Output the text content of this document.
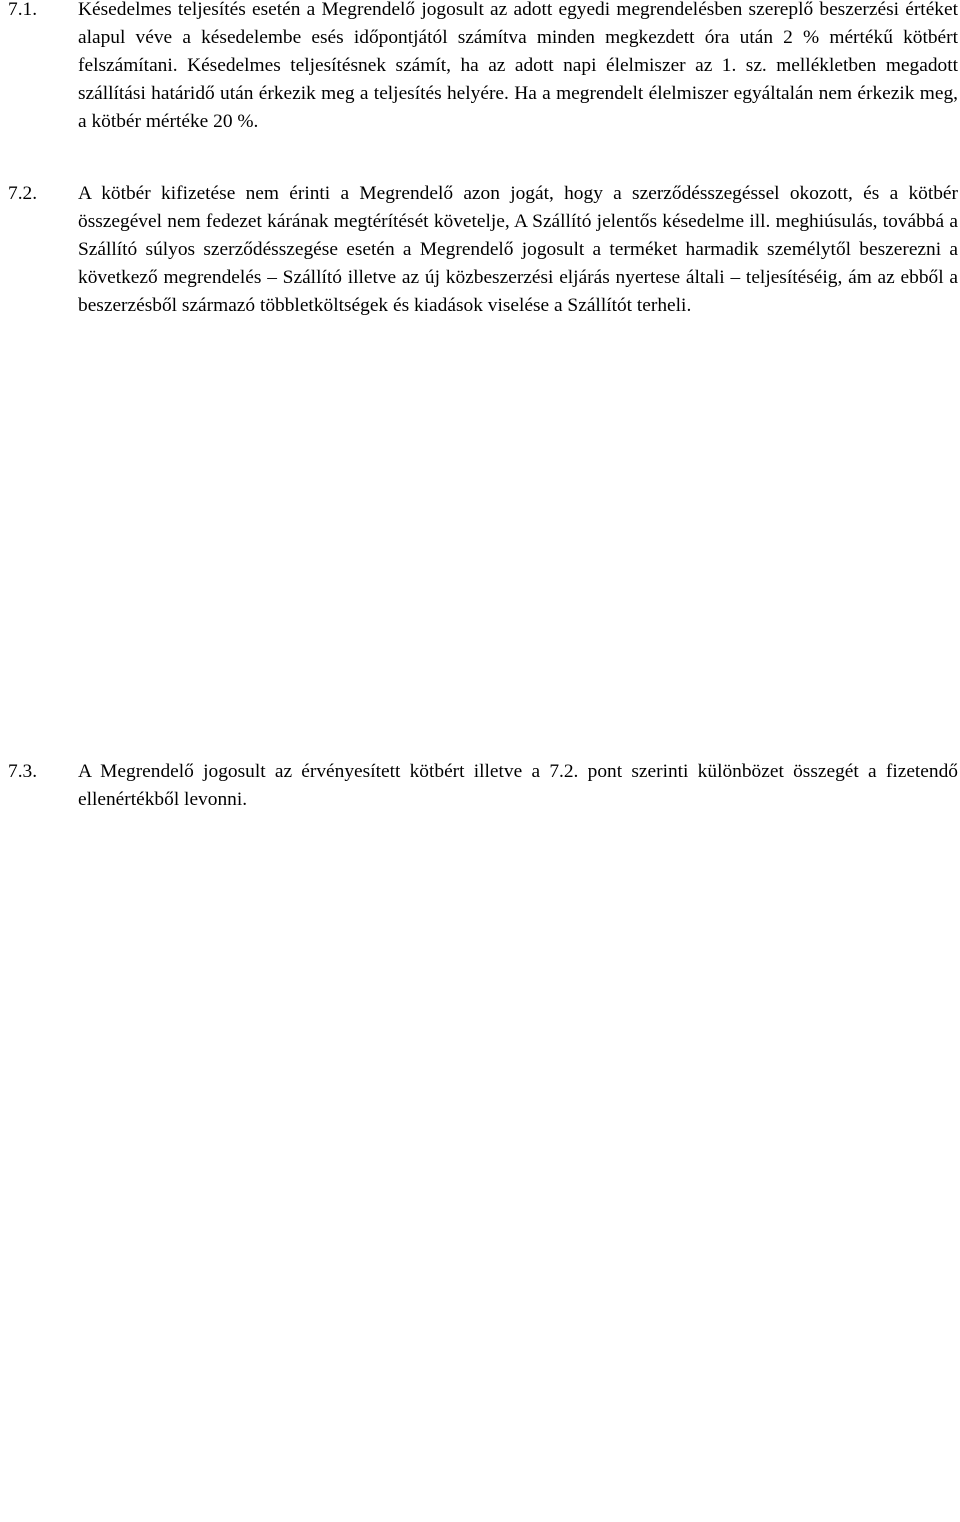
7.1.	Késedelmes teljesítés esetén a Megrendelő jogosult az adott egyedi megrendelésben szereplő beszerzési értéket alapul véve a késedelembe esés időpontjától számítva minden megkezdett óra után 2 % mértékű kötbért felszámítani. Késedelmes teljesítésnek számít, ha az adott napi élelmiszer az 1. sz. mellékletben megadott szállítási határidő után érkezik meg a teljesítés helyére. Ha a megrendelt élelmiszer egyáltalán nem érkezik meg, a kötbér mértéke 20 %.
7.2.	A kötbér kifizetése nem érinti a Megrendelő azon jogát, hogy a szerződésszegéssel okozott, és a kötbér összegével nem fedezet kárának megtérítését követelje, A Szállító jelentős késedelme ill. meghiúsulás, továbbá a Szállító súlyos szerződésszegése esetén a Megrendelő jogosult a terméket harmadik személytől beszerezni a következő megrendelés – Szállító illetve az új közbeszerzési eljárás nyertese általi – teljesítéséig, ám az ebből a beszerzésből származó többletköltségek és kiadások viselése a Szállítót terheli.
7.3.	A Megrendelő jogosult az érvényesített kötbért illetve a 7.2. pont szerinti különbözet összegét a fizetendő ellenértékből levonni.
